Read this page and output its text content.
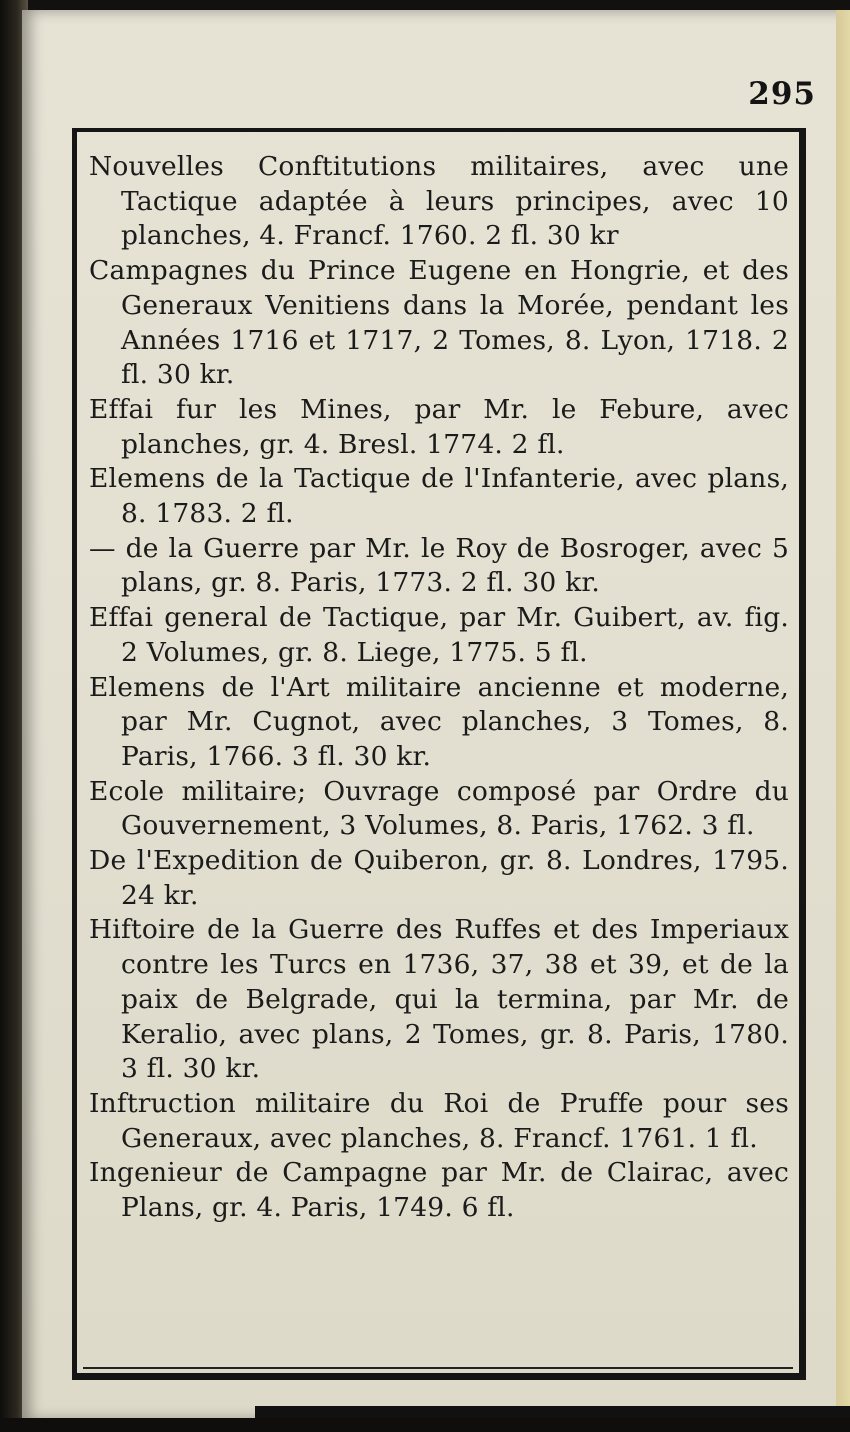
295
Nouvelles Conftitutions militaires, avec une Tactique adaptée à leurs principes, avec 10 planches, 4. Francf. 1760. 2 fl. 30 kr
Campagnes du Prince Eugene en Hongrie, et des Generaux Venitiens dans la Morée, pendant les Années 1716 et 1717, 2 Tomes, 8. Lyon, 1718. 2 fl. 30 kr.
Effai fur les Mines, par Mr. le Febure, avec planches, gr. 4. Bresl. 1774. 2 fl.
Elemens de la Tactique de l'Infanterie, avec plans, 8. 1783. 2 fl.
— de la Guerre par Mr. le Roy de Bosroger, avec 5 plans, gr. 8. Paris, 1773. 2 fl. 30 kr.
Effai general de Tactique, par Mr. Guibert, av. fig. 2 Volumes, gr. 8. Liege, 1775. 5 fl.
Elemens de l'Art militaire ancienne et moderne, par Mr. Cugnot, avec planches, 3 Tomes, 8. Paris, 1766. 3 fl. 30 kr.
Ecole militaire; Ouvrage composé par Ordre du Gouvernement, 3 Volumes, 8. Paris, 1762. 3 fl.
De l'Expedition de Quiberon, gr. 8. Londres, 1795. 24 kr.
Hiftoire de la Guerre des Ruffes et des Imperiaux contre les Turcs en 1736, 37, 38 et 39, et de la paix de Belgrade, qui la termina, par Mr. de Keralio, avec plans, 2 Tomes, gr. 8. Paris, 1780. 3 fl. 30 kr.
Inftruction militaire du Roi de Pruffe pour ses Generaux, avec planches, 8. Francf. 1761. 1 fl.
Ingenieur de Campagne par Mr. de Clairac, avec Plans, gr. 4. Paris, 1749. 6 fl.
